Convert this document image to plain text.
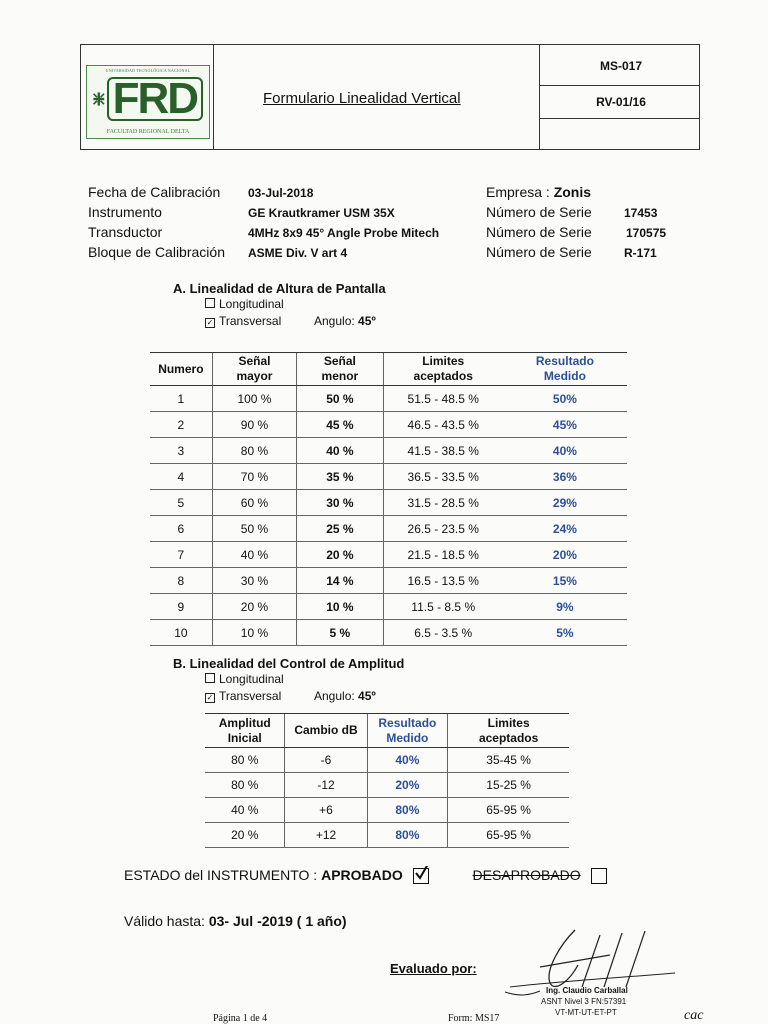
UNIVERSIDAD TECNOLÓGICA NACIONAL
FRD
FACULTAD REGIONAL DELTA
Formulario Linealidad Vertical
MS-017
RV-01/16
Fecha de Calibración 03-Jul-2018
Instrumento	GE Krautkramer USM 35X
Transductor	4MHz 8x9 45° Angle Probe Mitech
Bloque de Calibración ASME Div. V art 4
Empresa : Zonis
Número de Serie	17453
Número de Serie	170575
Número de Serie	R-171
A. Linealidad de Altura de Pantalla
Longitudinal
✓ Transversal	Angulo: 45º
Numero	Señal mayor	Señal menor	Limites aceptados	Resultado Medido
1	100 %	50 %	51.5 - 48.5 %	50%
2	90 %	45 %	46.5 - 43.5 %	45%
3	80 %	40 %	41.5 - 38.5 %	40%
4	70 %	35 %	36.5 - 33.5 %	36%
5	60 %	30 %	31.5 - 28.5 %	29%
6	50 %	25 %	26.5 - 23.5 %	24%
7	40 %	20 %	21.5 - 18.5 %	20%
8	30 %	14 %	16.5 - 13.5 %	15%
9	20 %	10 %	11.5 - 8.5 %	9%
10	10 %	5 %	6.5 - 3.5 %	5%
B. Linealidad del Control de Amplitud
Longitudinal
✓ Transversal	Angulo: 45º
Amplitud Inicial	Cambio dB	Resultado Medido	Limites aceptados
80 %	-6	40%	35-45 %
80 %	-12	20%	15-25 %
40 %	+6	80%	65-95 %
20 %	+12	80%	65-95 %
ESTADO del INSTRUMENTO : APROBADO	DESAPROBADO
Válido hasta: 03- Jul -2019 ( 1 año)
Evaluado por:
Ing. Claudio Carballal
ASNT Nivel 3 FN:57391
VT-MT-UT-ET-PT
Página 1 de 4	Form: MS17	cac
